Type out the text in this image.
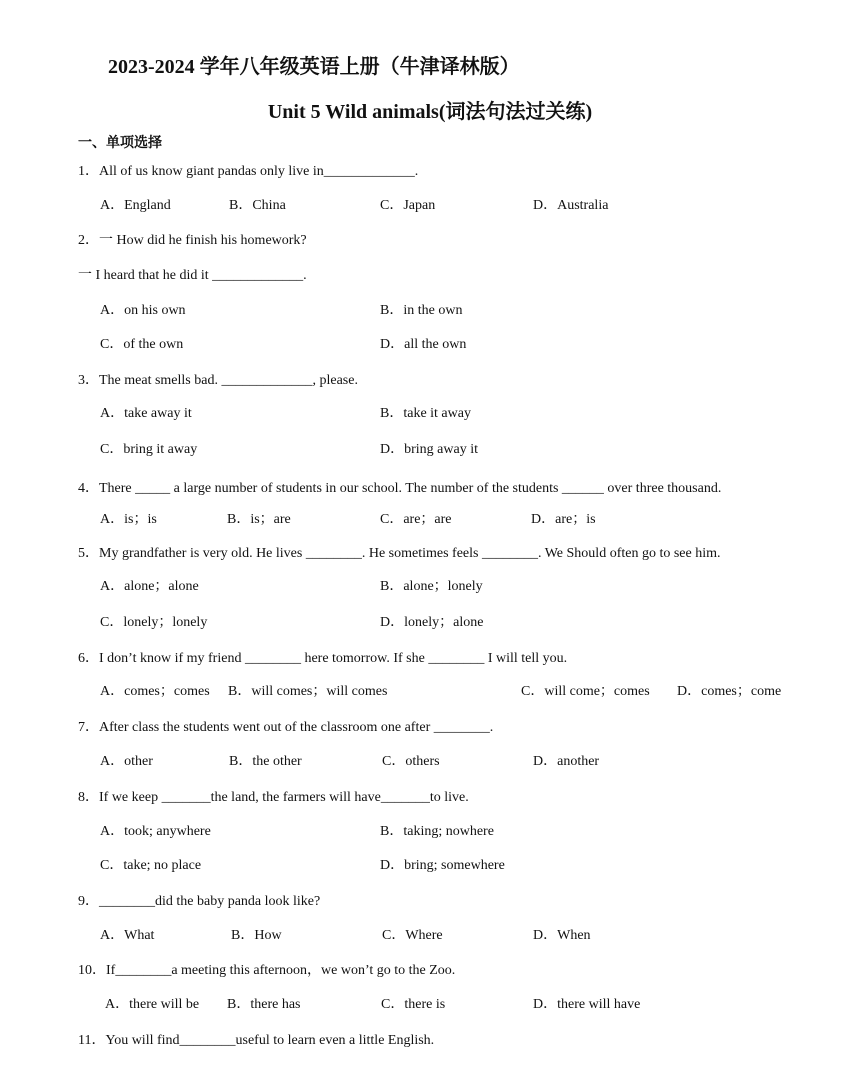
2023-2024 学年八年级英语上册（牛津译林版）
Unit 5 Wild animals(词法句法过关练)
一、单项选择
1．All of us know giant pandas only live in_____________.
A．England	B．China	C．Japan	D．Australia
2．一 How did he finish his homework?
一 I heard that he did it _____________.
A．on his own	B．in the own
C．of the own	D．all the own
3．The meat smells bad. _____________, please.
A．take away it	B．take it away
C．bring it away	D．bring away it
4．There _____ a large number of students in our school. The number of the students ______ over three thousand.
A．is；is	B．is；are	C．are；are	D．are；is
5．My grandfather is very old. He lives ________. He sometimes feels ________. We Should often go to see him.
A．alone；alone	B．alone；lonely
C．lonely；lonely	D．lonely；alone
6．I don’t know if my friend ________ here tomorrow. If she ________ I will tell you.
A．comes；comes B．will comes；will comes	C．will come；comes D．comes；come
7．After class the students went out of the classroom one after ________.
A．other	B．the other	C．others	D．another
8．If we keep _______the land, the farmers will have_______to live.
A．took; anywhere	B．taking; nowhere
C．take; no place	D．bring; somewhere
9．________did the baby panda look like?
A．What	B．How	C．Where	D．When
10．If________a meeting this afternoon，we won’t go to the Zoo.
A．there will be B．there has	C．there is	D．there will have
11．You will find________useful to learn even a little English.
